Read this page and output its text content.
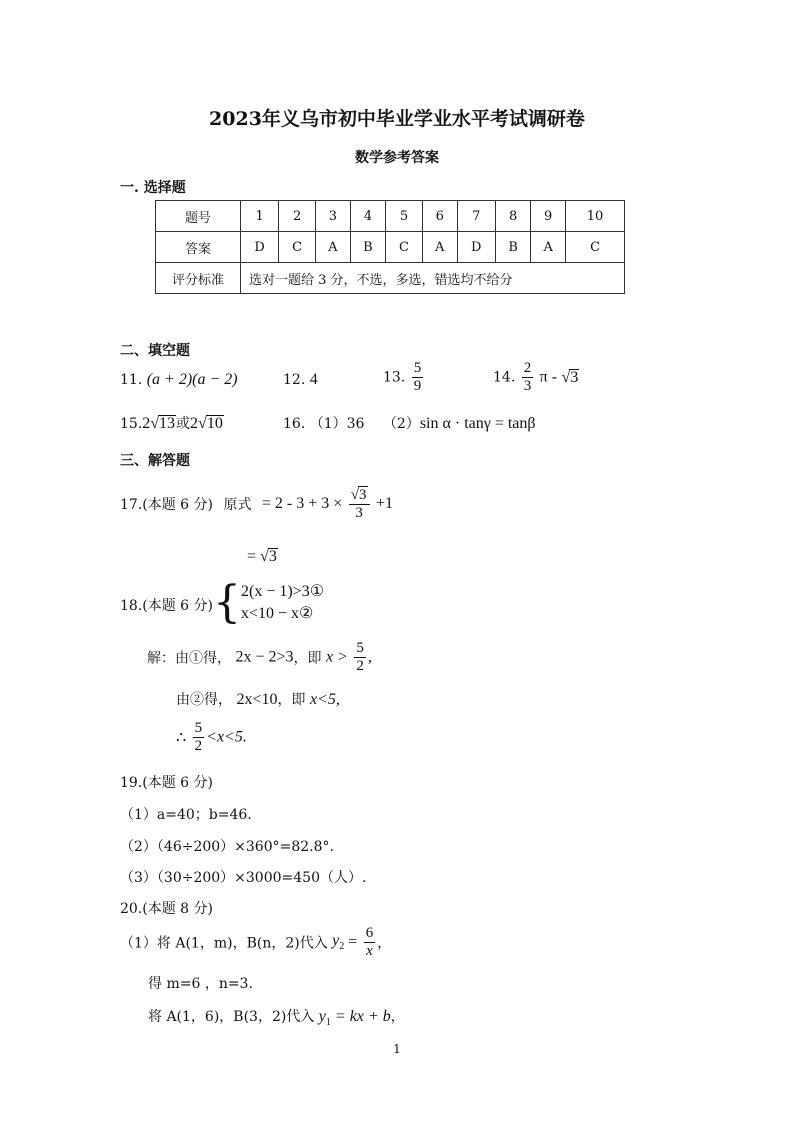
2023年义乌市初中毕业学业水平考试调研卷
数学参考答案
一. 选择题
题号	1	2	3	4	5	6	7	8	9	10
答案	D	C	A	B	C	A	D	B	A	C
评分标准	选对一题给 3 分，不选，多选，错选均不给分									
二、填空题
11. (a + 2)(a − 2)	12. 4	13. $\frac{5}{9}$	14. $\frac{2}{3}$ π - √3
15.2√13或2√10	16. （1）36 （2）sin α · tanγ = tanβ
三、解答题
17.(本题 6 分) 原式 = $2 - 3 + 3 \times \frac{√3}{3} +1$
= √3
18.(本题 6 分){ 2(x − 1)>3①
x<10 − x②
解：由①得， 2x − 2>3，即 $x > \frac{5}{2}$ ,
由②得， 2x<10，即 x<5,
∴ $\frac{5}{2} <x<5$.
19.(本题 6 分)
（1）a=40；b=46.
（2）（46÷200）×360°=82.8°.
（3）（30÷200）×3000=450（人）.
20.(本题 8 分)
（1）将 A(1，m)，B(n，2)代入 $y_2 = \frac{6}{x}$ ，
得 m=6 ，n=3.
将 A(1，6)，B(3，2)代入 $y_1$ = kx + b，
1
